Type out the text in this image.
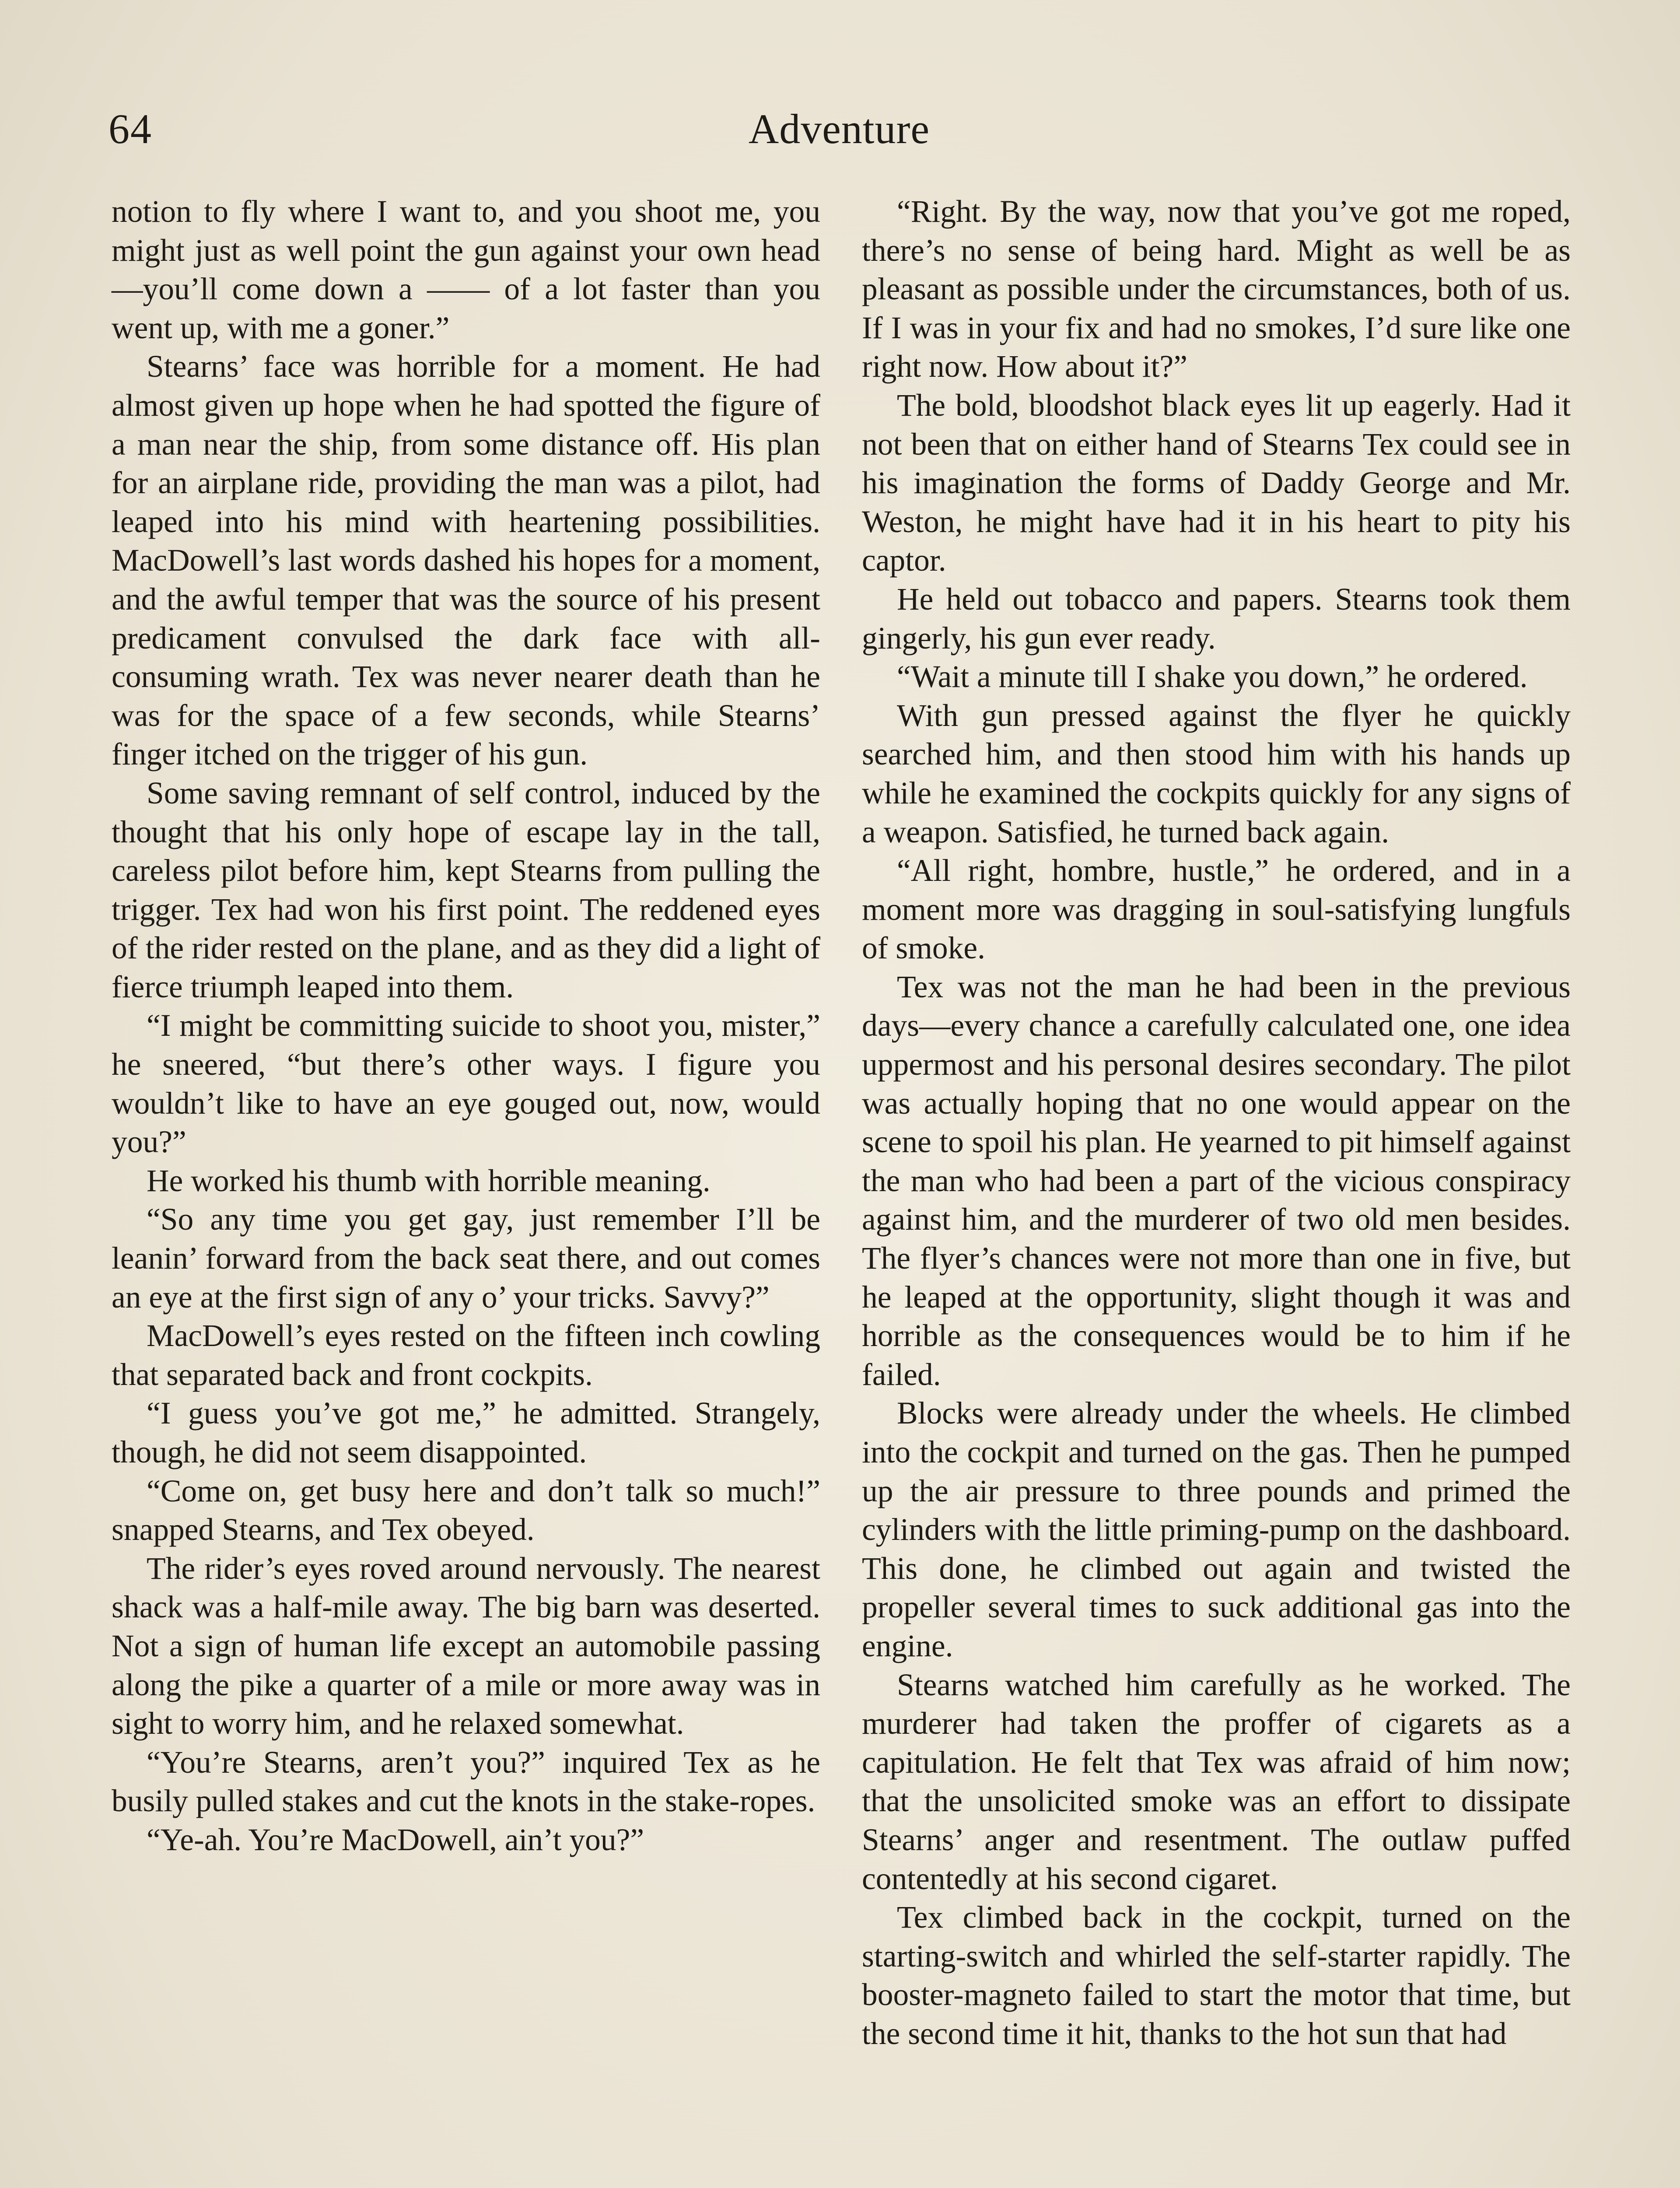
64	Adventure

notion to fly where I want to, and you shoot me, you might just as well point the gun against your own head—you’ll come down a —— of a lot faster than you went up, with me a goner.”

Stearns’ face was horrible for a moment. He had almost given up hope when he had spotted the figure of a man near the ship, from some distance off. His plan for an airplane ride, providing the man was a pilot, had leaped into his mind with heartening possibilities. MacDowell’s last words dashed his hopes for a moment, and the awful temper that was the source of his present predicament convulsed the dark face with all-consuming wrath. Tex was never nearer death than he was for the space of a few seconds, while Stearns’ finger itched on the trigger of his gun.

Some saving remnant of self control, induced by the thought that his only hope of escape lay in the tall, careless pilot before him, kept Stearns from pulling the trigger. Tex had won his first point. The reddened eyes of the rider rested on the plane, and as they did a light of fierce triumph leaped into them.

“I might be committing suicide to shoot you, mister,” he sneered, “but there’s other ways. I figure you wouldn’t like to have an eye gouged out, now, would you?”

He worked his thumb with horrible meaning.

“So any time you get gay, just remember I’ll be leanin’ forward from the back seat there, and out comes an eye at the first sign of any o’ your tricks. Savvy?”

MacDowell’s eyes rested on the fifteen inch cowling that separated back and front cockpits.

“I guess you’ve got me,” he admitted. Strangely, though, he did not seem disappointed.

“Come on, get busy here and don’t talk so much!” snapped Stearns, and Tex obeyed.

The rider’s eyes roved around nervously. The nearest shack was a half-mile away. The big barn was deserted. Not a sign of human life except an automobile passing along the pike a quarter of a mile or more away was in sight to worry him, and he relaxed somewhat.

“You’re Stearns, aren’t you?” inquired Tex as he busily pulled stakes and cut the knots in the stake-ropes.

“Ye-ah. You’re MacDowell, ain’t you?”

“Right. By the way, now that you’ve got me roped, there’s no sense of being hard. Might as well be as pleasant as possible under the circumstances, both of us. If I was in your fix and had no smokes, I’d sure like one right now. How about it?”

The bold, bloodshot black eyes lit up eagerly. Had it not been that on either hand of Stearns Tex could see in his imagination the forms of Daddy George and Mr. Weston, he might have had it in his heart to pity his captor.

He held out tobacco and papers. Stearns took them gingerly, his gun ever ready.

“Wait a minute till I shake you down,” he ordered.

With gun pressed against the flyer he quickly searched him, and then stood him with his hands up while he examined the cockpits quickly for any signs of a weapon. Satisfied, he turned back again.

“All right, hombre, hustle,” he ordered, and in a moment more was dragging in soul-satisfying lungfuls of smoke.

Tex was not the man he had been in the previous days—every chance a carefully calculated one, one idea uppermost and his personal desires secondary. The pilot was actually hoping that no one would appear on the scene to spoil his plan. He yearned to pit himself against the man who had been a part of the vicious conspiracy against him, and the murderer of two old men besides. The flyer’s chances were not more than one in five, but he leaped at the opportunity, slight though it was and horrible as the consequences would be to him if he failed.

Blocks were already under the wheels. He climbed into the cockpit and turned on the gas. Then he pumped up the air pressure to three pounds and primed the cylinders with the little priming-pump on the dashboard. This done, he climbed out again and twisted the propeller several times to suck additional gas into the engine.

Stearns watched him carefully as he worked. The murderer had taken the proffer of cigarets as a capitulation. He felt that Tex was afraid of him now; that the unsolicited smoke was an effort to dissipate Stearns’ anger and resentment. The outlaw puffed contentedly at his second cigaret.

Tex climbed back in the cockpit, turned on the starting-switch and whirled the self-starter rapidly. The booster-magneto failed to start the motor that time, but the second time it hit, thanks to the hot sun that had
